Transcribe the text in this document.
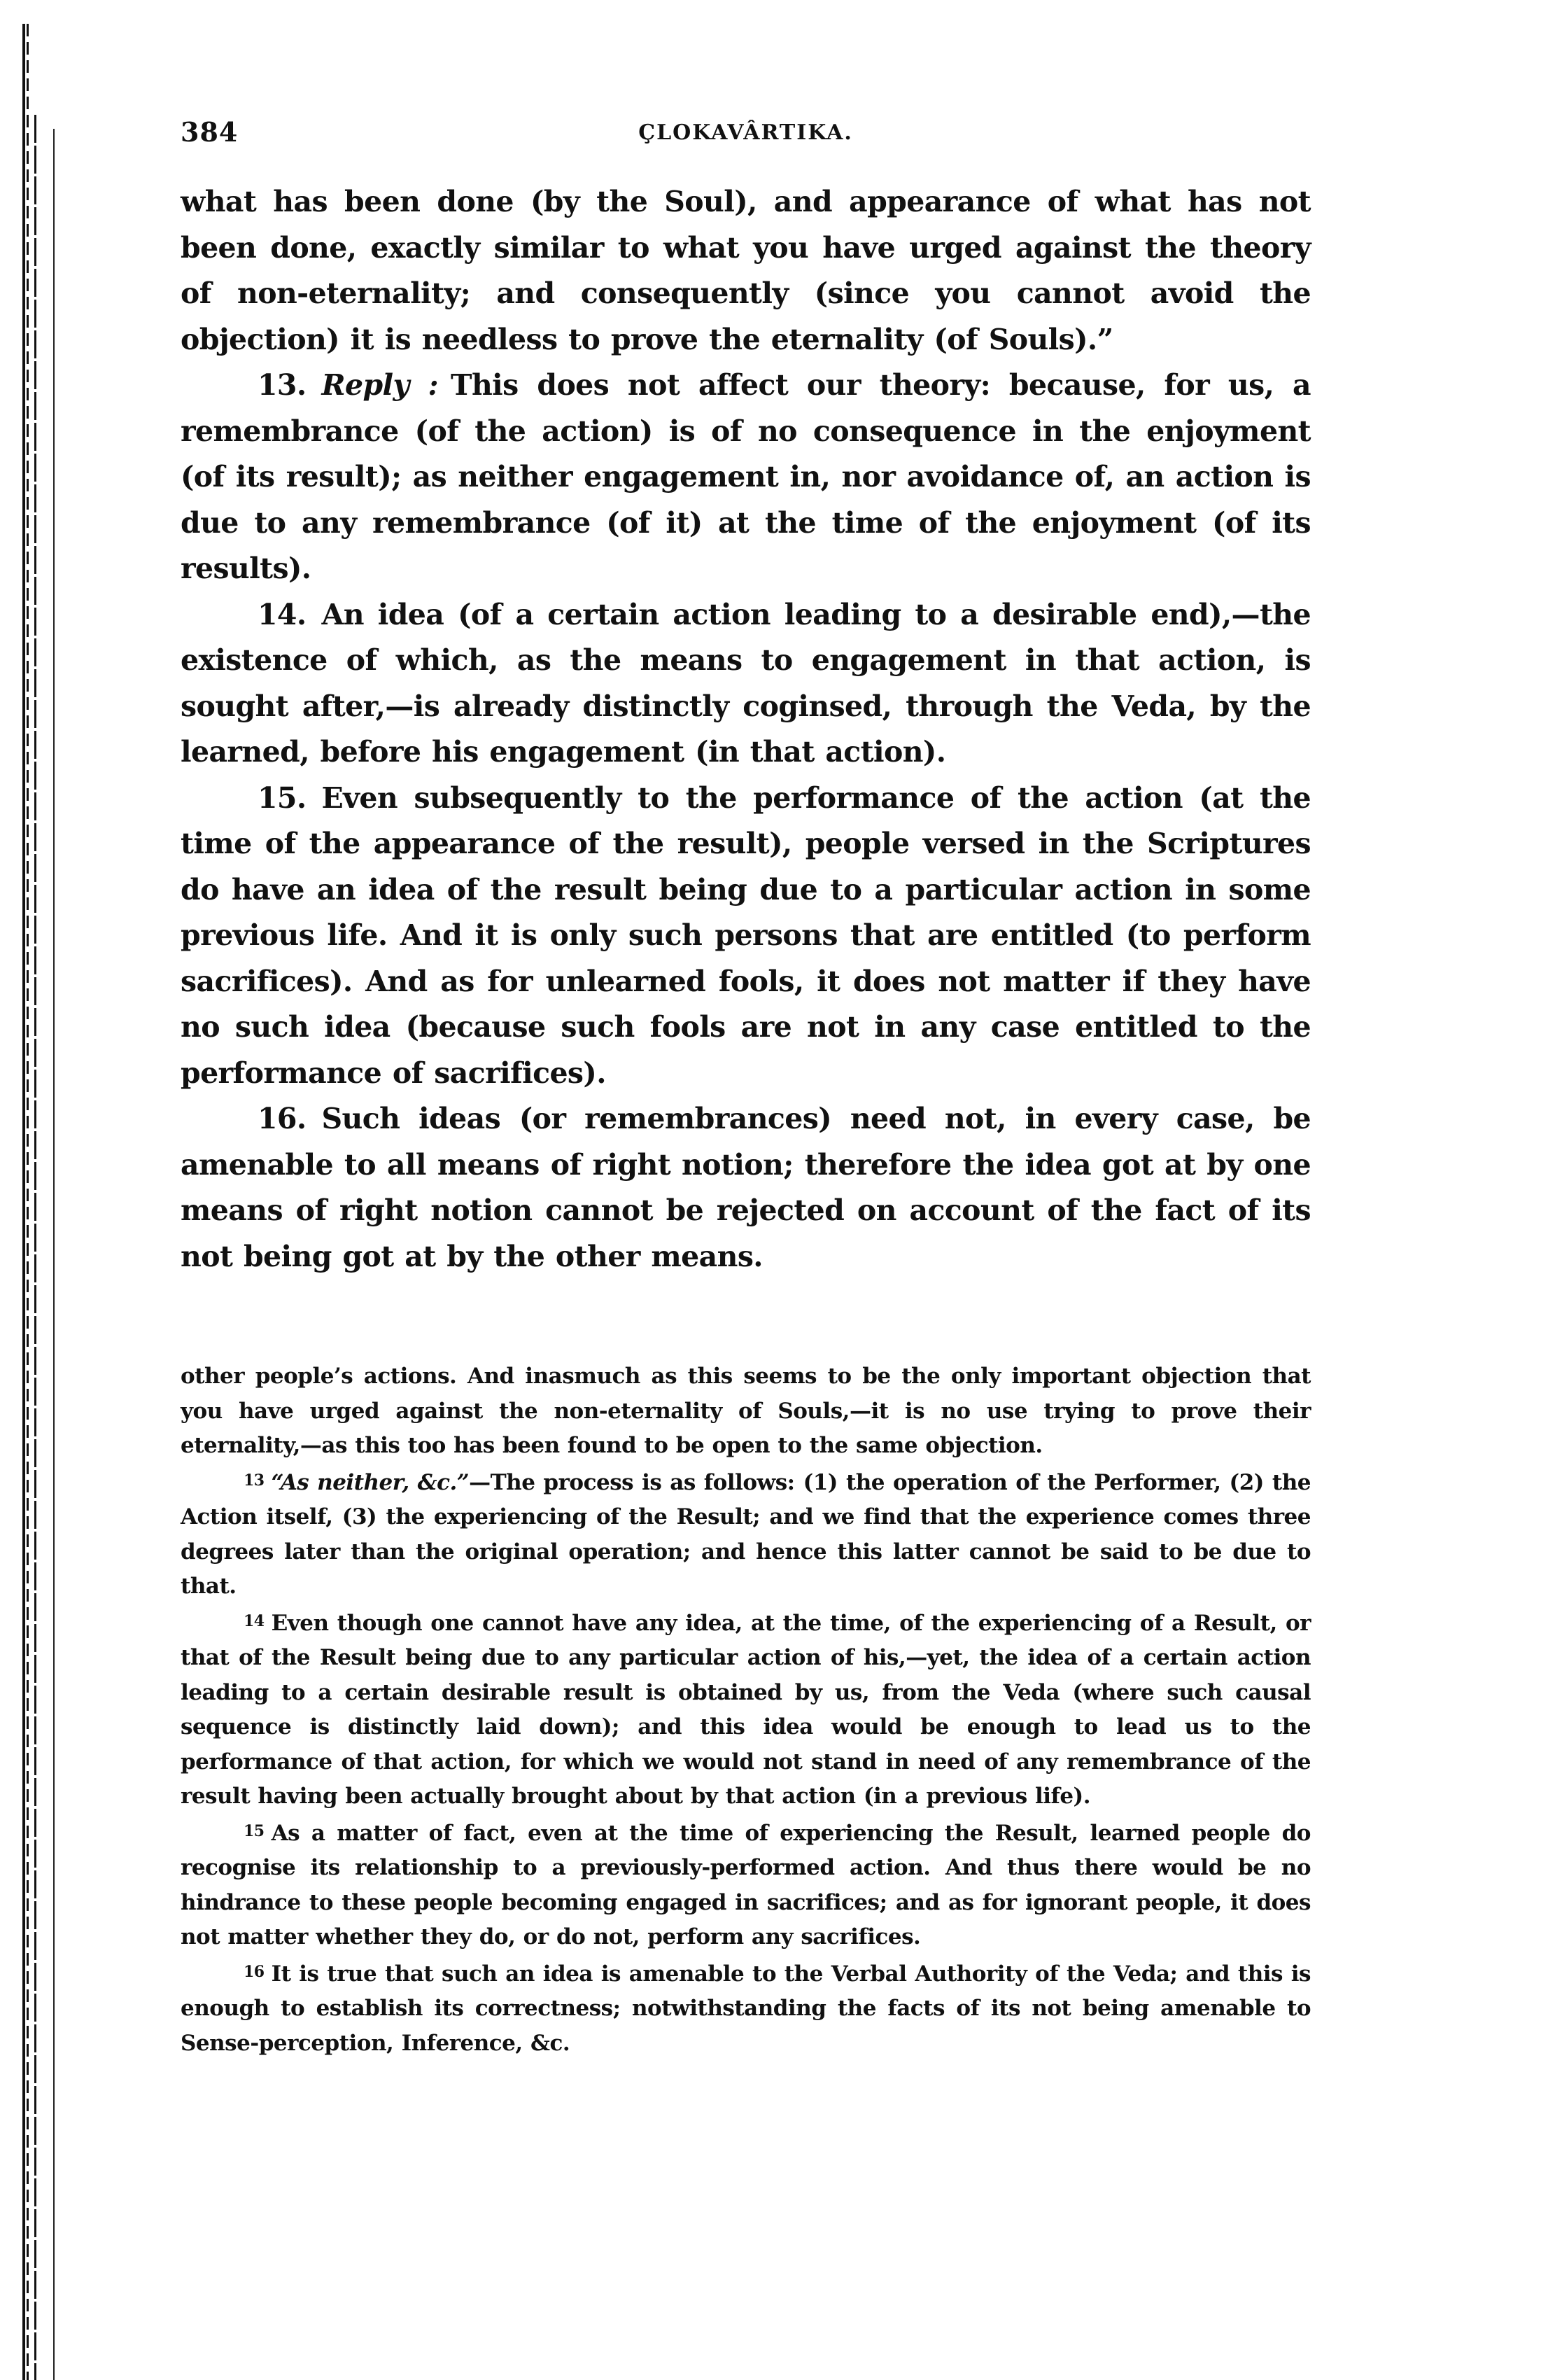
384	ÇLOKAVÂRTIKA.

what has been done (by the Soul), and appearance of what has not been done, exactly similar to what you have urged against the theory of non-eternality; and consequently (since you cannot avoid the objection) it is needless to prove the eternality (of Souls).”

13. Reply : This does not affect our theory: because, for us, a remembrance (of the action) is of no consequence in the enjoyment (of its result); as neither engagement in, nor avoidance of, an action is due to any remembrance (of it) at the time of the enjoyment (of its results).

14. An idea (of a certain action leading to a desirable end),—the existence of which, as the means to engagement in that action, is sought after,—is already distinctly coginsed, through the Veda, by the learned, before his engagement (in that action).

15. Even subsequently to the performance of the action (at the time of the appearance of the result), people versed in the Scriptures do have an idea of the result being due to a particular action in some previous life. And it is only such persons that are entitled (to perform sacrifices). And as for unlearned fools, it does not matter if they have no such idea (because such fools are not in any case entitled to the performance of sacrifices).

16. Such ideas (or remembrances) need not, in every case, be amenable to all means of right notion; therefore the idea got at by one means of right notion cannot be rejected on account of the fact of its not being got at by the other means.

other people’s actions. And inasmuch as this seems to be the only important objection that you have urged against the non-eternality of Souls,—it is no use trying to prove their eternality,—as this too has been found to be open to the same objection.

13 “As neither, &c.”—The process is as follows: (1) the operation of the Performer, (2) the Action itself, (3) the experiencing of the Result; and we find that the experience comes three degrees later than the original operation; and hence this latter cannot be said to be due to that.

14 Even though one cannot have any idea, at the time, of the experiencing of a Result, or that of the Result being due to any particular action of his,—yet, the idea of a certain action leading to a certain desirable result is obtained by us, from the Veda (where such causal sequence is distinctly laid down); and this idea would be enough to lead us to the performance of that action, for which we would not stand in need of any remembrance of the result having been actually brought about by that action (in a previous life).

15 As a matter of fact, even at the time of experiencing the Result, learned people do recognise its relationship to a previously-performed action. And thus there would be no hindrance to these people becoming engaged in sacrifices; and as for ignorant people, it does not matter whether they do, or do not, perform any sacrifices.

16 It is true that such an idea is amenable to the Verbal Authority of the Veda; and this is enough to establish its correctness; notwithstanding the facts of its not being amenable to Sense-perception, Inference, &c.
